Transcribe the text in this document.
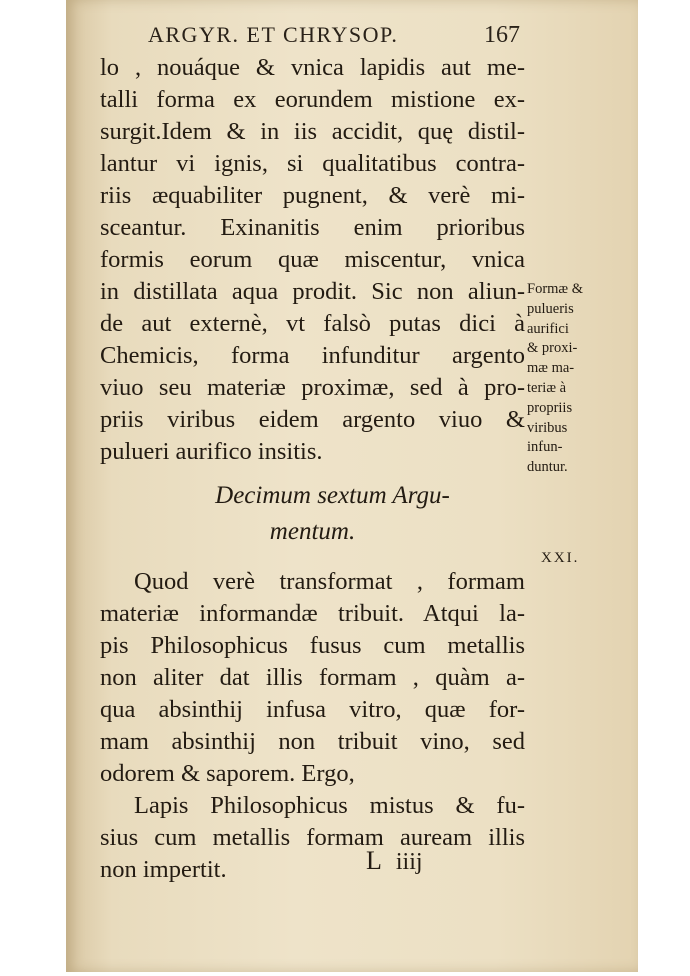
ARGYR. ET CHRYSOP.	167
lo , nouáque & vnica lapidis aut me-
talli forma ex eorundem mistione ex-
surgit.Idem & in iis accidit, quę distil-
lantur vi ignis, si qualitatibus contra-
riis æquabiliter pugnent, & verè mi-
sceantur. Exinanitis enim prioribus
formis eorum quæ miscentur, vnica
in distillata aqua prodit. Sic non aliun-
de aut externè, vt falsò putas dici à
Chemicis, forma infunditur argento
viuo seu materiæ proximæ, sed à pro-
priis viribus eidem argento viuo &
pulueri aurifico insitis.
Decimum sextum Argu-
mentum.
Quod verè transformat , formam
materiæ informandæ tribuit. Atqui la-
pis Philosophicus fusus cum metallis
non aliter dat illis formam , quàm a-
qua absinthij infusa vitro, quæ for-
mam absinthij non tribuit vino, sed
odorem & saporem. Ergo,
Lapis Philosophicus mistus & fu-
sius cum metallis formam auream illis
non impertit.
Formæ &
pulueris
aurifici
& proxi-
mæ ma-
teriæ à
propriis
viribus
infun-
duntur.
XXI.
L iiij
